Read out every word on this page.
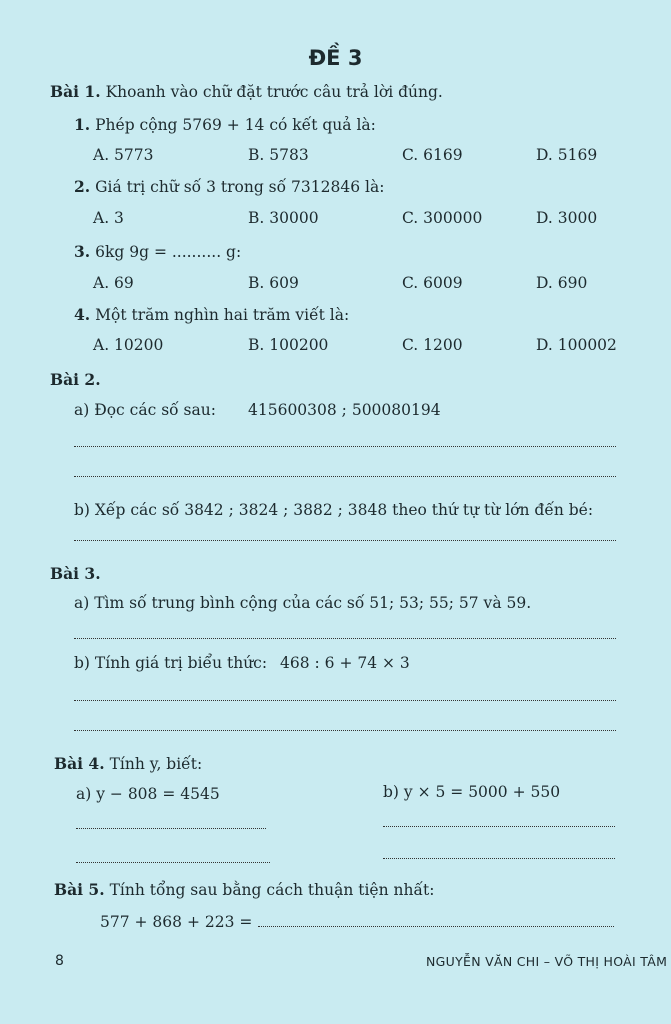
ĐỀ 3
Bài 1. Khoanh vào chữ đặt trước câu trả lời đúng.
1. Phép cộng 5769 + 14 có kết quả là:
A. 5773	B. 5783	C. 6169	D. 5169
2. Giá trị chữ số 3 trong số 7312846 là:
A. 3	B. 30000	C. 300000	D. 3000
3. 6kg 9g = .......... g:
A. 69	B. 609	C. 6009	D. 690
4. Một trăm nghìn hai trăm viết là:
A. 10200	B. 100200	C. 1200	D. 100002
Bài 2.
a) Đọc các số sau: 415600308 ; 500080194
b) Xếp các số 3842 ; 3824 ; 3882 ; 3848 theo thứ tự từ lớn đến bé:
Bài 3.
a) Tìm số trung bình cộng của các số 51; 53; 55; 57 và 59.
b) Tính giá trị biểu thức: 468 : 6 + 74 × 3
Bài 4. Tính y, biết:
a) y − 808 = 4545	b) y × 5 = 5000 + 550
Bài 5. Tính tổng sau bằng cách thuận tiện nhất:
577 + 868 + 223 =
8	NGUYỄN VĂN CHI – VÕ THỊ HOÀI TÂM
